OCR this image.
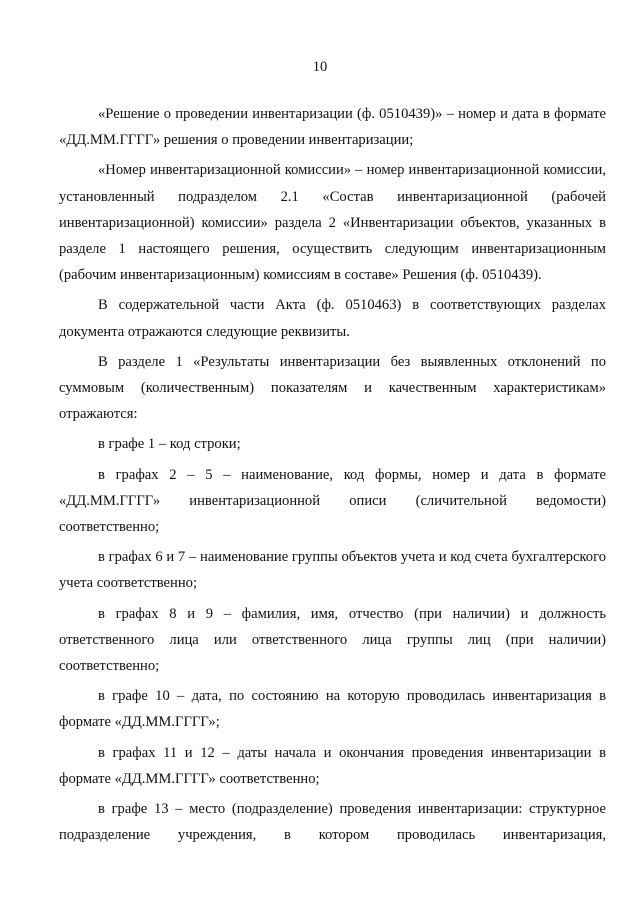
10

«Решение о проведении инвентаризации (ф. 0510439)» – номер и дата в формате «ДД.ММ.ГГГГ» решения о проведении инвентаризации;

«Номер инвентаризационной комиссии» – номер инвентаризационной комиссии, установленный подразделом 2.1 «Состав инвентаризационной (рабочей инвентаризационной) комиссии» раздела 2 «Инвентаризации объектов, указанных в разделе 1 настоящего решения, осуществить следующим инвентаризационным (рабочим инвентаризационным) комиссиям в составе» Решения (ф. 0510439).

В содержательной части Акта (ф. 0510463) в соответствующих разделах документа отражаются следующие реквизиты.

В разделе 1 «Результаты инвентаризации без выявленных отклонений по суммовым (количественным) показателям и качественным характеристикам» отражаются:

в графе 1 – код строки;

в графах 2 – 5 – наименование, код формы, номер и дата в формате «ДД.ММ.ГГГГ» инвентаризационной описи (сличительной ведомости) соответственно;

в графах 6 и 7 – наименование группы объектов учета и код счета бухгалтерского учета соответственно;

в графах 8 и 9 – фамилия, имя, отчество (при наличии) и должность ответственного лица или ответственного лица группы лиц (при наличии) соответственно;

в графе 10 – дата, по состоянию на которую проводилась инвентаризация в формате «ДД.ММ.ГГГГ»;

в графах 11 и 12 – даты начала и окончания проведения инвентаризации в формате «ДД.ММ.ГГГГ» соответственно;

в графе 13 – место (подразделение) проведения инвентаризации: структурное подразделение учреждения, в котором проводилась инвентаризация,
